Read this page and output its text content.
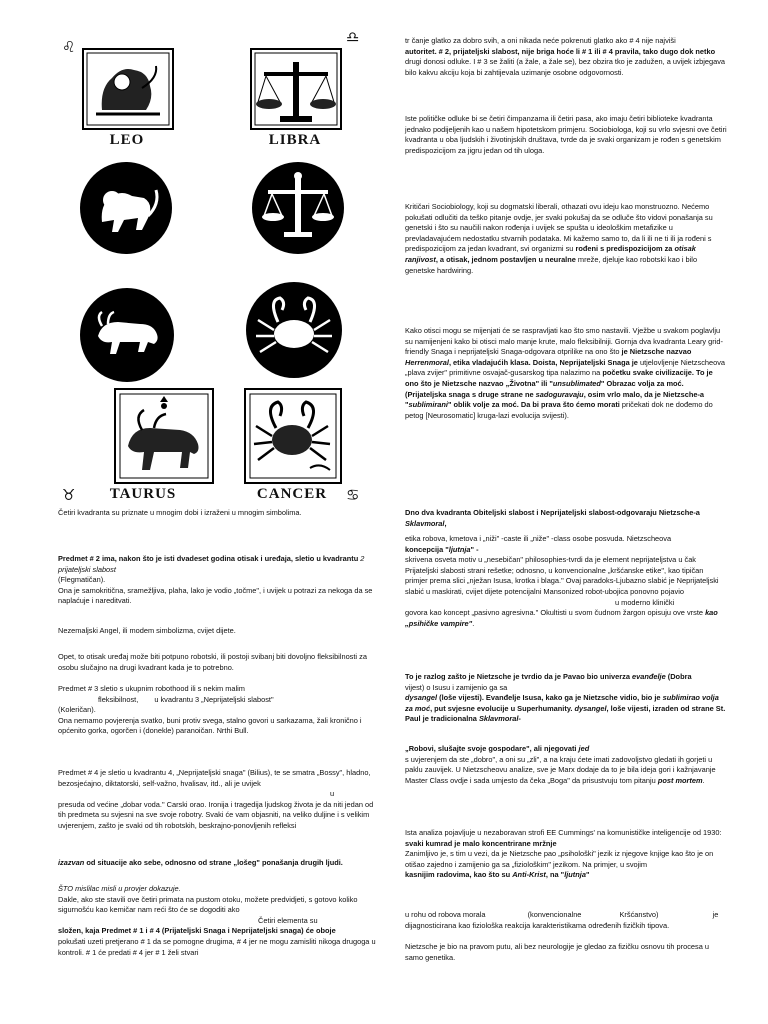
♌
♎
LEO	LIBRA
♉	TAURUS	CANCER	♋
Četiri kvadranta su priznate u mnogim dobi i izraženi u mnogim simbolima.
Predmet # 2 ima, nakon što je isti dvadeset godina otisak i uređaja, sletio u kvadrantu 2 prijateljski slabost
(Flegmatičan).
Ona je samokritična, sramežljiva, plaha, lako je vodio „točme", i uvijek u potrazi za nekoga da se naplaćuje i nareditvati.
Nezemaljski Angel, ili modem simbolizma, cvijet dijete.
Opet, to otisak uređaj može biti potpuno robotski, ili postoji svibanj biti dovoljno fleksibilnosti za osobu slučajno na drugi kvadrant kada je to potrebno.
Predmet # 3 sletio s ukupnim robothood ili s nekim malim
fleksibilnost, u kvadrantu 3 „Neprijateljski slabost"
(Koleričan).
Ona nemamo povjerenja svatko, buni protiv svega, stalno govori u sarkazama, žali kronično i općenito gorka, ogorčen i (donekle) paranoičan. Nrthi Bull.
Predmet # 4 je sletio u kvadrantu 4, „Neprijateljski snaga" (Bilius), te se smatra „Bossy", hladno, bezosjećajno, diktatorski, self-važno, hvalisav, itd., ali je uvijek
u
presuda od većine „dobar voda." Carski orao. Ironija i tragedija ljudskog života je da niti jedan od tih predmeta su svjesni na sve svoje robotry. Svaki će vam objasniti, na veliko duljine i s velikim uvjerenjem, zašto je svaki od tih robotskih, beskrajno-ponovljenih refleksi
izazvan od situacije ako sebe, odnosno od strane „lošeg" ponašanja drugih ljudi.
ŠTO mislilac misli u provjer dokazuje.
Dakle, ako ste stavili ove četiri primata na pustom otoku, možete predvidjeti, s gotovo koliko sigurnošću kao kemičar nam reći što će se dogoditi ako
Četiri elementa su
složen, kaja Predmet # 1 i # 4 (Prijateljski Snaga i Neprijateljski snaga) će oboje
pokušati uzeti pretjerano # 1 da se pomogne drugima, # 4 jer ne mogu zamisliti nikoga drugoga u kontroli. # 1 će predati # 4 jer # 1 želi stvari
tr čanje glatko za dobro svih, a oni nikada neće pokrenuti glatko ako # 4 nije najviši
autoritet. # 2, prijateljski slabost, nije briga hoće li # 1 ili # 4 pravila, tako dugo dok netko
drugi donosi odluke. I # 3 se žaliti (a žale, a žale se), bez obzira tko je zadužen, a uvijek izbjegava bilo kakvu akciju koja bi zahtijevala uzimanje osobne odgovornosti.
Iste političke odluke bi se četiri čimpanzama ili četiri pasa, ako imaju četiri biblioteke kvadranta jednako podijeljenih kao u našem hipotetskom primjeru. Sociobiologa, koji su vrlo svjesni ove četiri kvadranta u oba ljudskih i životinjskih društava, tvrde da je svaki organizam je rođen s genetskim predispozicijom za jigru jedan od tih uloga.
Kritičari Sociobiology, koji su dogmatski liberali, othazati ovu ideju kao monstruozno. Nećemo pokušati odlučiti da teško pitanje ovdje, jer svaki pokušaj da se odluče što vidovi ponašanja su genetski i što su naučili nakon rođenja i uvijek se spušta u ideološkim metafizike u prevladavajućem nedostatku stvarnih podataka. Mi kažemo samo to, da li ili ne ti ili ja rođeni s predispozicijom za jedan kvadrant, svi organizmi su rođeni s predispozicijom za otisak ranjivost, a otisak, jednom postavljen u neuralne mreže, djeluje kao robotski kao i bilo genetske hardwiring.
Kako otisci mogu se mijenjati će se raspravljati kao što smo nastavili. Vježbe u svakom poglavlju su namijenjeni kako bi otisci malo manje krute, malo fleksibilniji. Gornja dva kvadranta Leary grid-friendly Snaga i neprijateljski Snaga-odgovara otprilike na ono što je Nietzsche nazvao Herrenmoral, etika vladajućih klasa. Doista, Neprijateljski Snaga je utjelovljenje Nietzscheova „plava zvijer" primitivne osvajač-gusarskog tipa nalazimo na početku svake civilizacije. To je ono što je Nietzsche nazvao „Životna" ili "unsublimated" Obrazac volja za moć. (Prijateljska snaga s druge strane ne sadoguravaju, osim vrlo malo, da je Nietzsche-a "sublimirani" oblik volje za moć. Da bi prava što ćemo morati pričekati dok ne dođemo do petog [Neurosomatic] kruga-lazi evolucija svijesti).
Dno dva kvadranta Obiteljski slabost i Neprijateljski slabost-odgovaraju Nietzsche-a Sklavmoral,
etika robova, kmetova i „niži" -caste ili „niže" -class osobe posvuda. Nietzscheova
koncepcija "ljutnja" -
skrivena osveta motiv u „nesebičan" philosophies-tvrdi da je element neprijateljstva u čak Prijateljski slabosti strani rešetke; odnosno, u konvencionalne „kršćanske etike", kao tipičan primjer prema slici „nježan Isusa, krotka i blaga." Ovaj paradoks-Ljubazno slabić je Neprijateljski slabić u maskirati, cvijet dijete potencijalni Mansonized robot-ubojica ponovno pojavio
u moderno klinički
govora kao koncept „pasivno agresivna." Okultisti u svom čudnom žargon opisuju ove vrste kao „psihičke vampire".
To je razlog zašto je Nietzsche je tvrdio da je Pavao bio univerza evanđelje (Dobra
vijest) o Isusu i zamijenio ga sa
dysangel (loše vijesti). Evanđelje Isusa, kako ga je Nietzsche vidio, bio je sublimirao volja za moć, put svjesne evolucije u Superhumanity. dysangel, loše vijesti, izraden od strane St. Paul je tradicionalna Sklavmoral-
„Robovi, slušajte svoje gospodare", ali njegovati jed
s uvjerenjem da ste „dobro", a oni su „zli", a na kraju ćete imati zadovoljstvo gledati ih gorjeti u paklu zauvijek. U Nietzscheovu analize, sve je Marx dodaje da to je bila ideja gori i kažnjavanje Master Class ovdje i sada umjesto da čeka „Boga" da prisustvuju tom pitanju post mortem.
Ista analiza pojavljuje u nezaboravan strofi EE Cummings' na komunističke inteligencije od 1930:
svaki kumrad je malo koncentrirane mržnje
Zanimljivo je, s tim u vezi, da je Nietzsche pao „psihološki" jezik iz njegove knjige kao što je on otišao zajedno i zamijenio ga sa „fiziološkim" jezikom. Na primjer, u svojim
kasnijim radovima, kao što su Anti-Krist, na "ljutnja"
u rohu od robova morala	(konvencionalne	Kršćanstvo)	je
dijagnosticirana kao fiziološka reakcija karakteristikama određenih fizičkih tipova.
Nietzsche je bio na pravom putu, ali bez neurologije je gledao za fizičku osnovu tih procesa u samo genetika.
